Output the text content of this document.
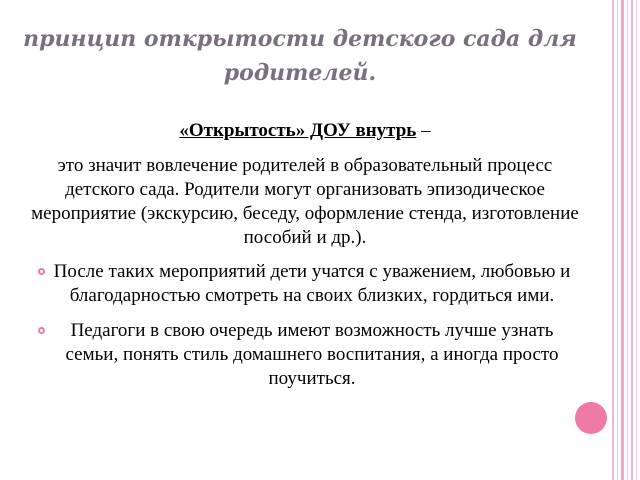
принцип открытости детского сада для родителей.
«Открытость» ДОУ внутрь –
это значит вовлечение родителей в образовательный процесс детского сада. Родители могут организовать эпизодическое мероприятие (экскурсию, беседу, оформление стенда, изготовление пособий и др.).
После таких мероприятий дети учатся с уважением, любовью и благодарностью смотреть на своих близких, гордиться ими.
Педагоги в свою очередь имеют возможность лучше узнать семьи, понять стиль домашнего воспитания, а иногда просто поучиться.
